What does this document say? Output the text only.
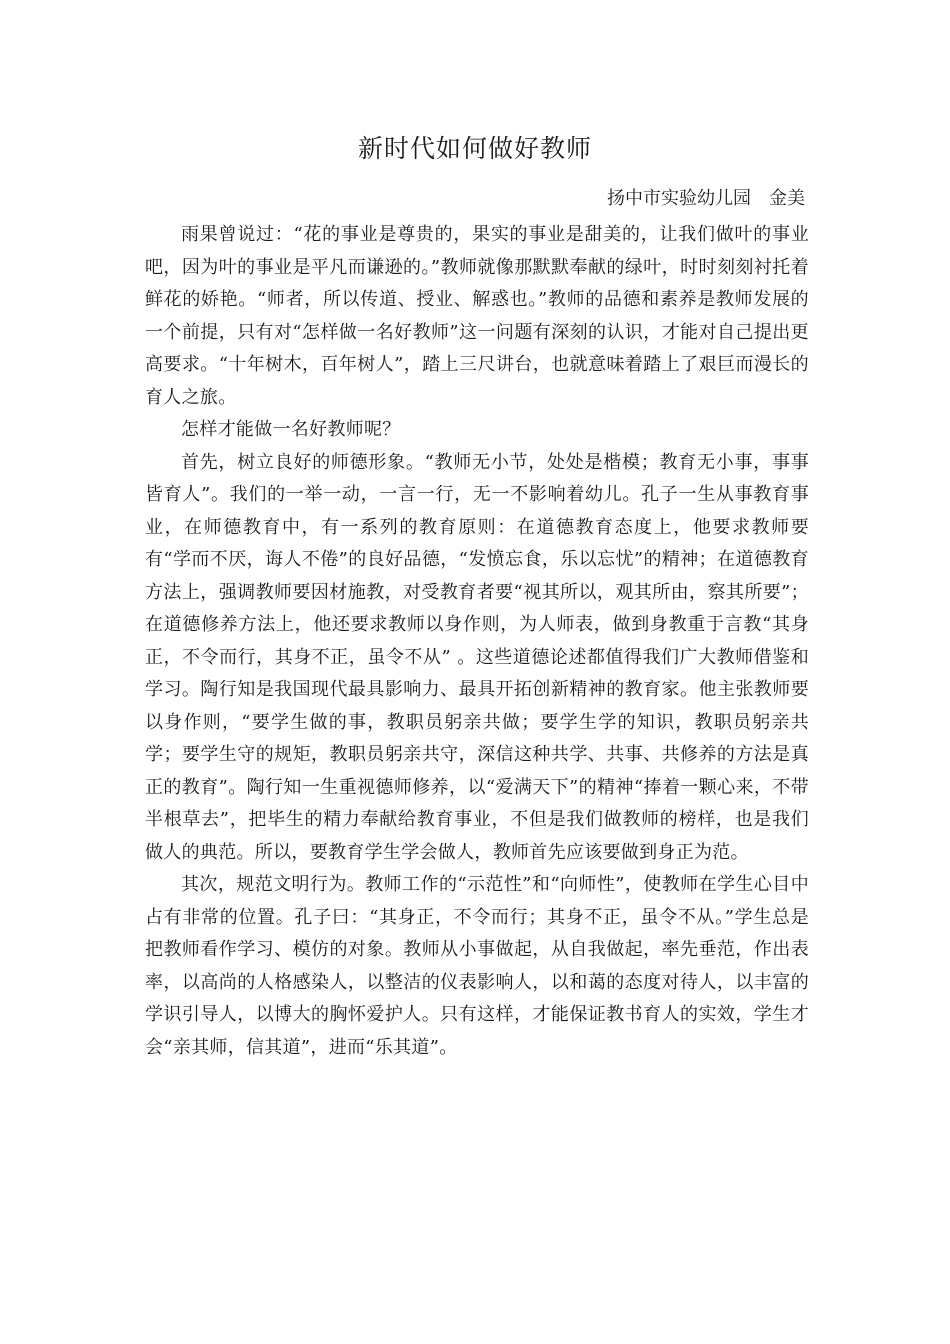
新时代如何做好教师

扬中市实验幼儿园　金美

雨果曾说过：“花的事业是尊贵的，果实的事业是甜美的，让我们做叶的事业吧，因为叶的事业是平凡而谦逊的。”教师就像那默默奉献的绿叶，时时刻刻衬托着鲜花的娇艳。“师者，所以传道、授业、解惑也。”教师的品德和素养是教师发展的一个前提，只有对“怎样做一名好教师”这一问题有深刻的认识，才能对自己提出更高要求。“十年树木，百年树人”，踏上三尺讲台，也就意味着踏上了艰巨而漫长的育人之旅。

怎样才能做一名好教师呢？

首先，树立良好的师德形象。“教师无小节，处处是楷模；教育无小事，事事皆育人”。我们的一举一动，一言一行，无一不影响着幼儿。孔子一生从事教育事业，在师德教育中，有一系列的教育原则：在道德教育态度上，他要求教师要有“学而不厌，诲人不倦”的良好品德，“发愤忘食，乐以忘忧”的精神；在道德教育方法上，强调教师要因材施教，对受教育者要“视其所以，观其所由，察其所要”；在道德修养方法上，他还要求教师以身作则，为人师表，做到身教重于言教“其身正，不令而行，其身不正，虽令不从” 。这些道德论述都值得我们广大教师借鉴和学习。陶行知是我国现代最具影响力、最具开拓创新精神的教育家。他主张教师要以身作则，“要学生做的事，教职员躬亲共做；要学生学的知识，教职员躬亲共学；要学生守的规矩，教职员躬亲共守，深信这种共学、共事、共修养的方法是真正的教育”。陶行知一生重视德师修养，以“爱满天下”的精神“捧着一颗心来，不带半根草去”，把毕生的精力奉献给教育事业，不但是我们做教师的榜样，也是我们做人的典范。所以，要教育学生学会做人，教师首先应该要做到身正为范。

其次，规范文明行为。教师工作的“示范性”和“向师性”，使教师在学生心目中占有非常的位置。孔子曰：“其身正，不令而行；其身不正，虽令不从。”学生总是把教师看作学习、模仿的对象。教师从小事做起，从自我做起，率先垂范，作出表率，以高尚的人格感染人，以整洁的仪表影响人，以和蔼的态度对待人，以丰富的学识引导人，以博大的胸怀爱护人。只有这样，才能保证教书育人的实效，学生才会“亲其师，信其道”，进而“乐其道”。
